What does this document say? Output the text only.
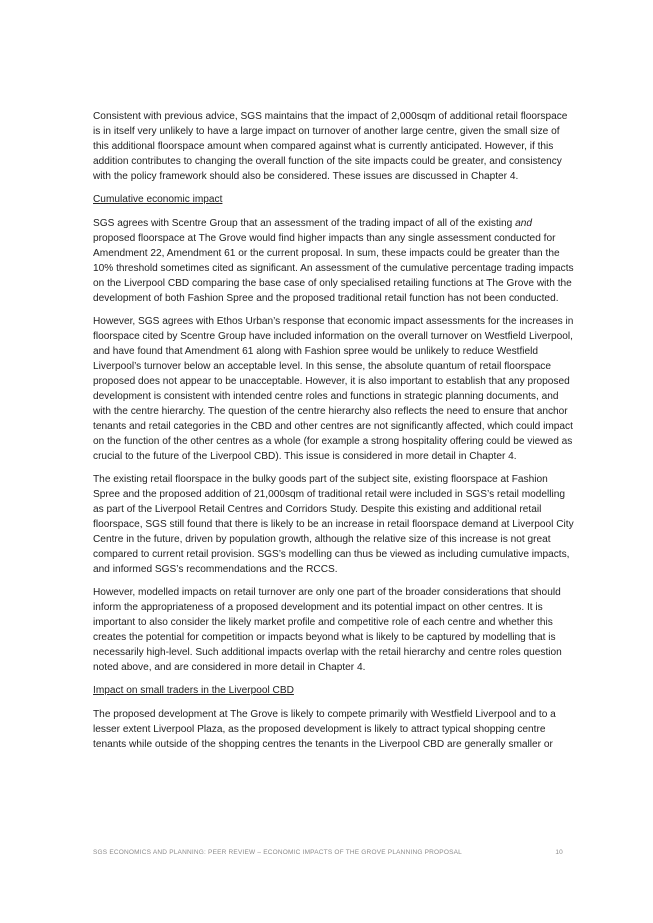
Consistent with previous advice, SGS maintains that the impact of 2,000sqm of additional retail floorspace is in itself very unlikely to have a large impact on turnover of another large centre, given the small size of this additional floorspace amount when compared against what is currently anticipated. However, if this addition contributes to changing the overall function of the site impacts could be greater, and consistency with the policy framework should also be considered. These issues are discussed in Chapter 4.

Cumulative economic impact

SGS agrees with Scentre Group that an assessment of the trading impact of all of the existing and proposed floorspace at The Grove would find higher impacts than any single assessment conducted for Amendment 22, Amendment 61 or the current proposal. In sum, these impacts could be greater than the 10% threshold sometimes cited as significant. An assessment of the cumulative percentage trading impacts on the Liverpool CBD comparing the base case of only specialised retailing functions at The Grove with the development of both Fashion Spree and the proposed traditional retail function has not been conducted.

However, SGS agrees with Ethos Urban’s response that economic impact assessments for the increases in floorspace cited by Scentre Group have included information on the overall turnover on Westfield Liverpool, and have found that Amendment 61 along with Fashion spree would be unlikely to reduce Westfield Liverpool’s turnover below an acceptable level. In this sense, the absolute quantum of retail floorspace proposed does not appear to be unacceptable. However, it is also important to establish that any proposed development is consistent with intended centre roles and functions in strategic planning documents, and with the centre hierarchy. The question of the centre hierarchy also reflects the need to ensure that anchor tenants and retail categories in the CBD and other centres are not significantly affected, which could impact on the function of the other centres as a whole (for example a strong hospitality offering could be viewed as crucial to the future of the Liverpool CBD). This issue is considered in more detail in Chapter 4.

The existing retail floorspace in the bulky goods part of the subject site, existing floorspace at Fashion Spree and the proposed addition of 21,000sqm of traditional retail were included in SGS’s retail modelling as part of the Liverpool Retail Centres and Corridors Study. Despite this existing and additional retail floorspace, SGS still found that there is likely to be an increase in retail floorspace demand at Liverpool City Centre in the future, driven by population growth, although the relative size of this increase is not great compared to current retail provision. SGS’s modelling can thus be viewed as including cumulative impacts, and informed SGS’s recommendations and the RCCS.

However, modelled impacts on retail turnover are only one part of the broader considerations that should inform the appropriateness of a proposed development and its potential impact on other centres. It is important to also consider the likely market profile and competitive role of each centre and whether this creates the potential for competition or impacts beyond what is likely to be captured by modelling that is necessarily high-level. Such additional impacts overlap with the retail hierarchy and centre roles question noted above, and are considered in more detail in Chapter 4.

Impact on small traders in the Liverpool CBD

The proposed development at The Grove is likely to compete primarily with Westfield Liverpool and to a lesser extent Liverpool Plaza, as the proposed development is likely to attract typical shopping centre tenants while outside of the shopping centres the tenants in the Liverpool CBD are generally smaller or

SGS ECONOMICS AND PLANNING: PEER REVIEW – ECONOMIC IMPACTS OF THE GROVE PLANNING PROPOSAL	10
